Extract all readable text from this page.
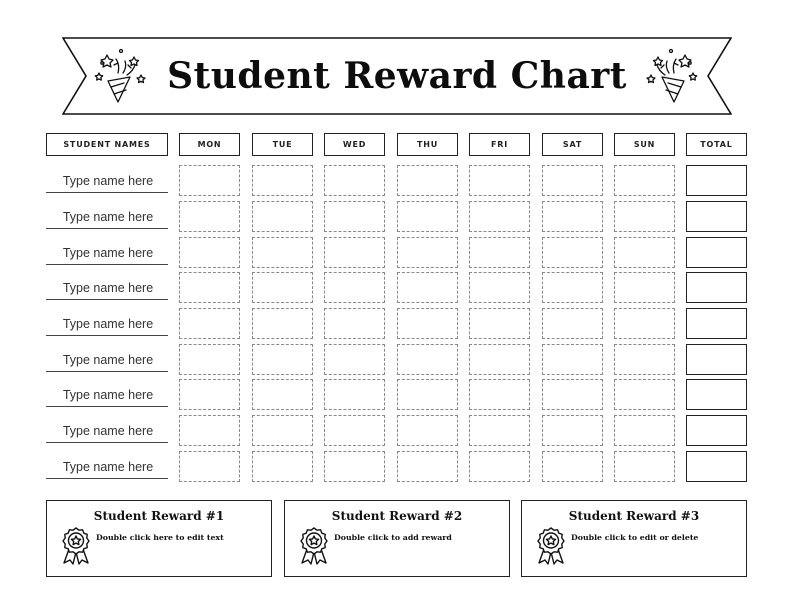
Student Reward Chart
STUDENT NAMES	MON	TUE	WED	THU	FRI	SAT	SUN	TOTAL
Type name here
Type name here
Type name here
Type name here
Type name here
Type name here
Type name here
Type name here
Type name here
Student Reward #1
Double click here to edit text
Student Reward #2
Double click to add reward
Student Reward #3
Double click to edit or delete
